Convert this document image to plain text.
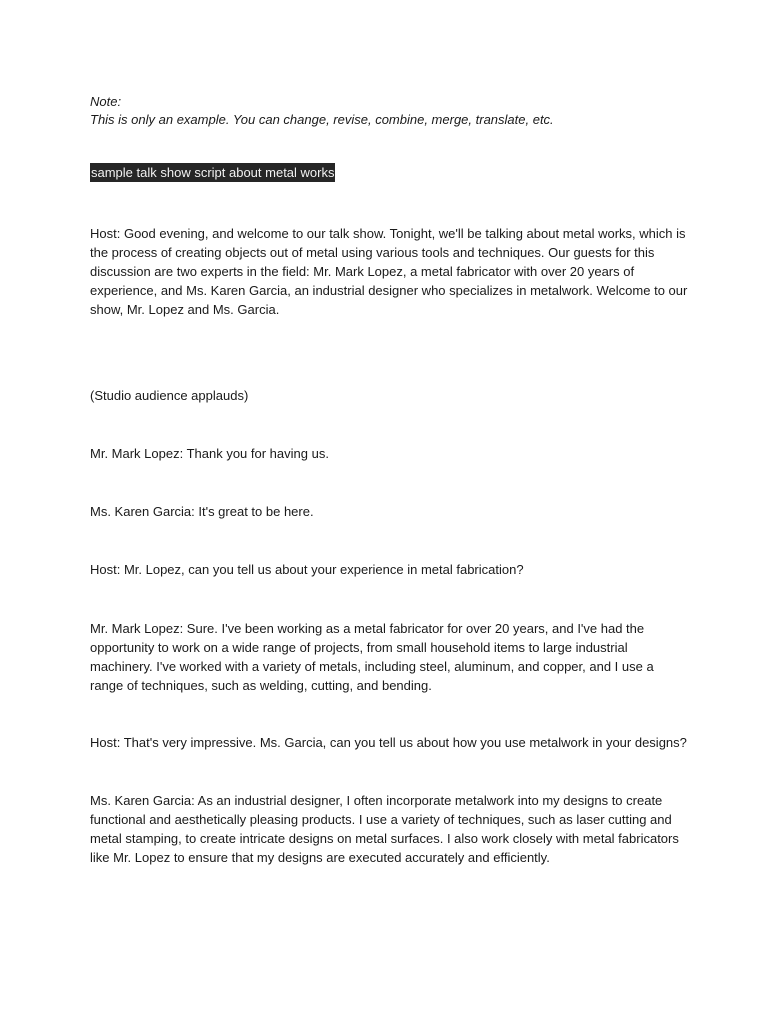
Note:
This is only an example. You can change, revise, combine, merge, translate, etc.
sample talk show script about metal works

Host: Good evening, and welcome to our talk show. Tonight, we'll be talking about metal works, which is the process of creating objects out of metal using various tools and techniques. Our guests for this discussion are two experts in the field: Mr. Mark Lopez, a metal fabricator with over 20 years of experience, and Ms. Karen Garcia, an industrial designer who specializes in metalwork. Welcome to our show, Mr. Lopez and Ms. Garcia.

(Studio audience applauds)

Mr. Mark Lopez: Thank you for having us.

Ms. Karen Garcia: It's great to be here.

Host: Mr. Lopez, can you tell us about your experience in metal fabrication?

Mr. Mark Lopez: Sure. I've been working as a metal fabricator for over 20 years, and I've had the opportunity to work on a wide range of projects, from small household items to large industrial machinery. I've worked with a variety of metals, including steel, aluminum, and copper, and I use a range of techniques, such as welding, cutting, and bending.

Host: That's very impressive. Ms. Garcia, can you tell us about how you use metalwork in your designs?

Ms. Karen Garcia: As an industrial designer, I often incorporate metalwork into my designs to create functional and aesthetically pleasing products. I use a variety of techniques, such as laser cutting and metal stamping, to create intricate designs on metal surfaces. I also work closely with metal fabricators like Mr. Lopez to ensure that my designs are executed accurately and efficiently.
